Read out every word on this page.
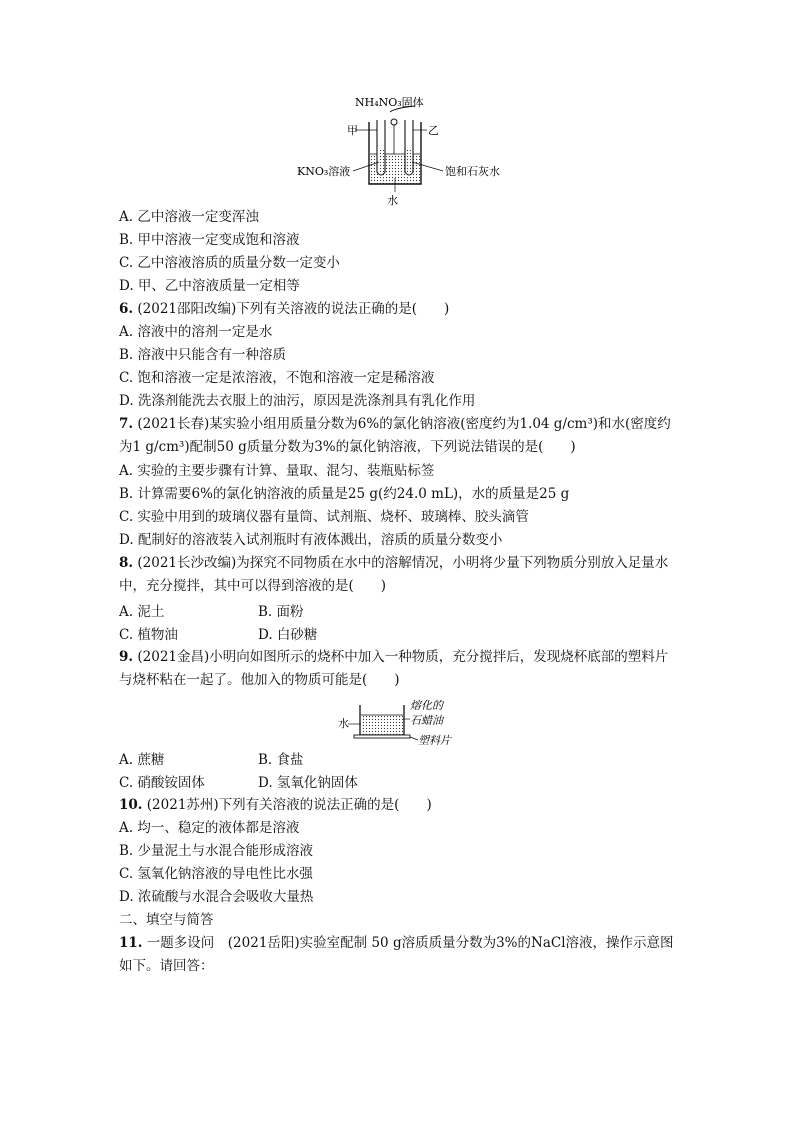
NH₄NO₃固体
甲	乙
KNO₃溶液	饱和石灰水
水
A. 乙中溶液一定变浑浊
B. 甲中溶液一定变成饱和溶液
C. 乙中溶液溶质的质量分数一定变小
D. 甲、乙中溶液质量一定相等
6. (2021邵阳改编)下列有关溶液的说法正确的是(　　)
A. 溶液中的溶剂一定是水
B. 溶液中只能含有一种溶质
C. 饱和溶液一定是浓溶液，不饱和溶液一定是稀溶液
D. 洗涤剂能洗去衣服上的油污，原因是洗涤剂具有乳化作用
7. (2021长春)某实验小组用质量分数为6%的氯化钠溶液(密度约为1.04 g/cm³)和水(密度约为1 g/cm³)配制50 g质量分数为3%的氯化钠溶液，下列说法错误的是(　　)
A. 实验的主要步骤有计算、量取、混匀、装瓶贴标签
B. 计算需要6%的氯化钠溶液的质量是25 g(约24.0 mL)，水的质量是25 g
C. 实验中用到的玻璃仪器有量筒、试剂瓶、烧杯、玻璃棒、胶头滴管
D. 配制好的溶液装入试剂瓶时有液体溅出，溶质的质量分数变小
8. (2021长沙改编)为探究不同物质在水中的溶解情况，小明将少量下列物质分别放入足量水中，充分搅拌，其中可以得到溶液的是(　　)
A. 泥土	B. 面粉
C. 植物油	D. 白砂糖
9. (2021金昌)小明向如图所示的烧杯中加入一种物质，充分搅拌后，发现烧杯底部的塑料片与烧杯粘在一起了。他加入的物质可能是(　　)
水
熔化的
石蜡油
塑料片
A. 蔗糖	B. 食盐
C. 硝酸铵固体	D. 氢氧化钠固体
10. (2021苏州)下列有关溶液的说法正确的是(　　)
A. 均一、稳定的液体都是溶液
B. 少量泥土与水混合能形成溶液
C. 氢氧化钠溶液的导电性比水强
D. 浓硫酸与水混合会吸收大量热
二、填空与简答
11. 一题多设问　(2021岳阳)实验室配制 50 g溶质质量分数为3%的NaCl溶液，操作示意图如下。请回答：
